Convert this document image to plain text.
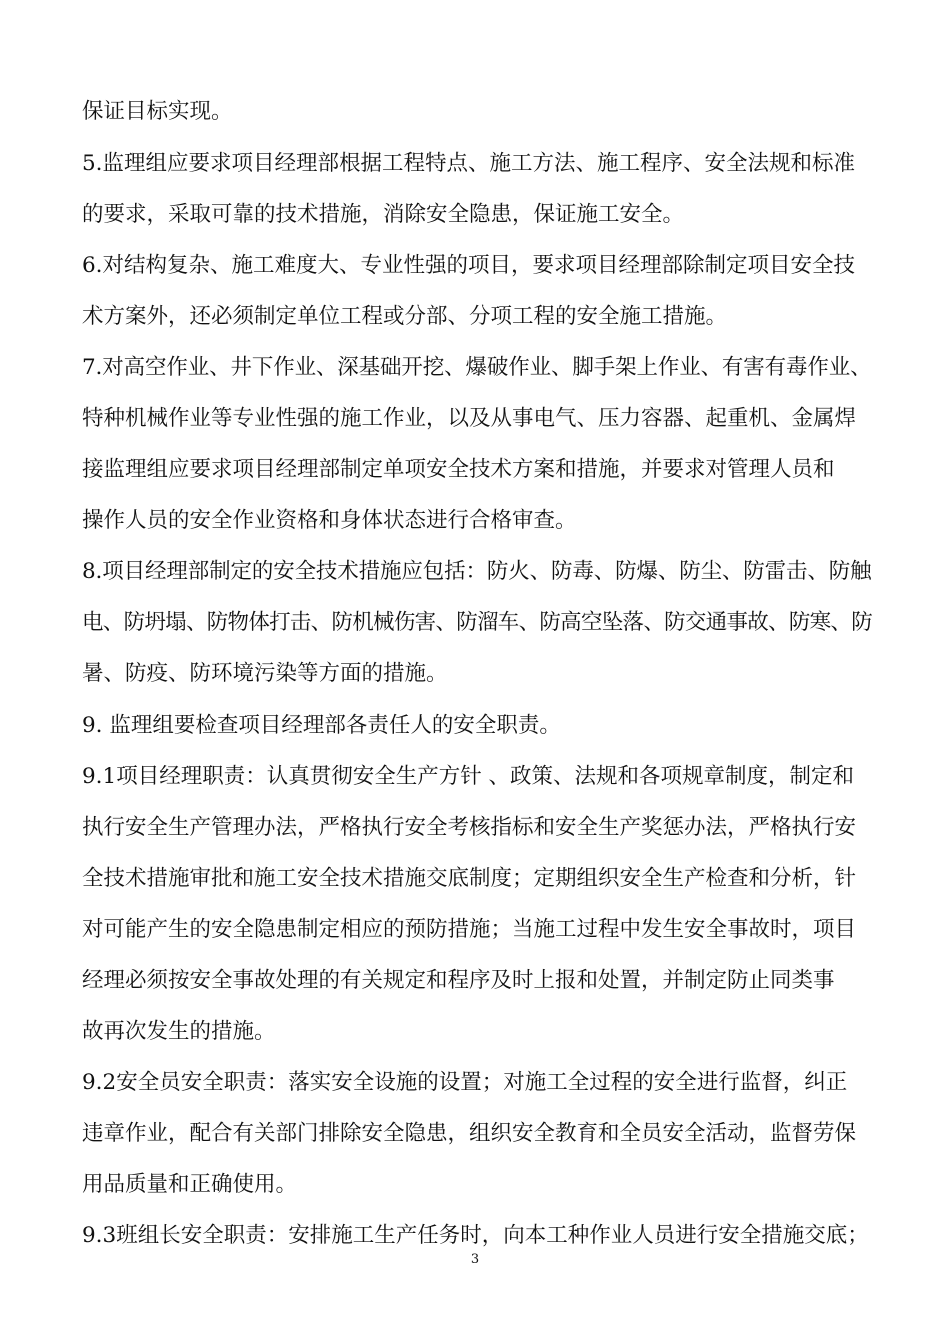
保证目标实现。
5.监理组应要求项目经理部根据工程特点、施工方法、施工程序、安全法规和标准
的要求，采取可靠的技术措施，消除安全隐患，保证施工安全。
6.对结构复杂、施工难度大、专业性强的项目，要求项目经理部除制定项目安全技
术方案外，还必须制定单位工程或分部、分项工程的安全施工措施。
7.对高空作业、井下作业、深基础开挖、爆破作业、脚手架上作业、有害有毒作业、
特种机械作业等专业性强的施工作业，以及从事电气、压力容器、起重机、金属焊
接监理组应要求项目经理部制定单项安全技术方案和措施，并要求对管理人员和
操作人员的安全作业资格和身体状态进行合格审查。
8.项目经理部制定的安全技术措施应包括：防火、防毒、防爆、防尘、防雷击、防触
电、防坍塌、防物体打击、防机械伤害、防溜车、防高空坠落、防交通事故、防寒、防
暑、防疫、防环境污染等方面的措施。
9. 监理组要检查项目经理部各责任人的安全职责。
9.1项目经理职责：认真贯彻安全生产方针 、政策、法规和各项规章制度，制定和
执行安全生产管理办法，严格执行安全考核指标和安全生产奖惩办法，严格执行安
全技术措施审批和施工安全技术措施交底制度；定期组织安全生产检查和分析，针
对可能产生的安全隐患制定相应的预防措施；当施工过程中发生安全事故时，项目
经理必须按安全事故处理的有关规定和程序及时上报和处置，并制定防止同类事
故再次发生的措施。
9.2安全员安全职责：落实安全设施的设置；对施工全过程的安全进行监督，纠正
违章作业，配合有关部门排除安全隐患，组织安全教育和全员安全活动，监督劳保
用品质量和正确使用。
9.3班组长安全职责：安排施工生产任务时，向本工种作业人员进行安全措施交底；
3
